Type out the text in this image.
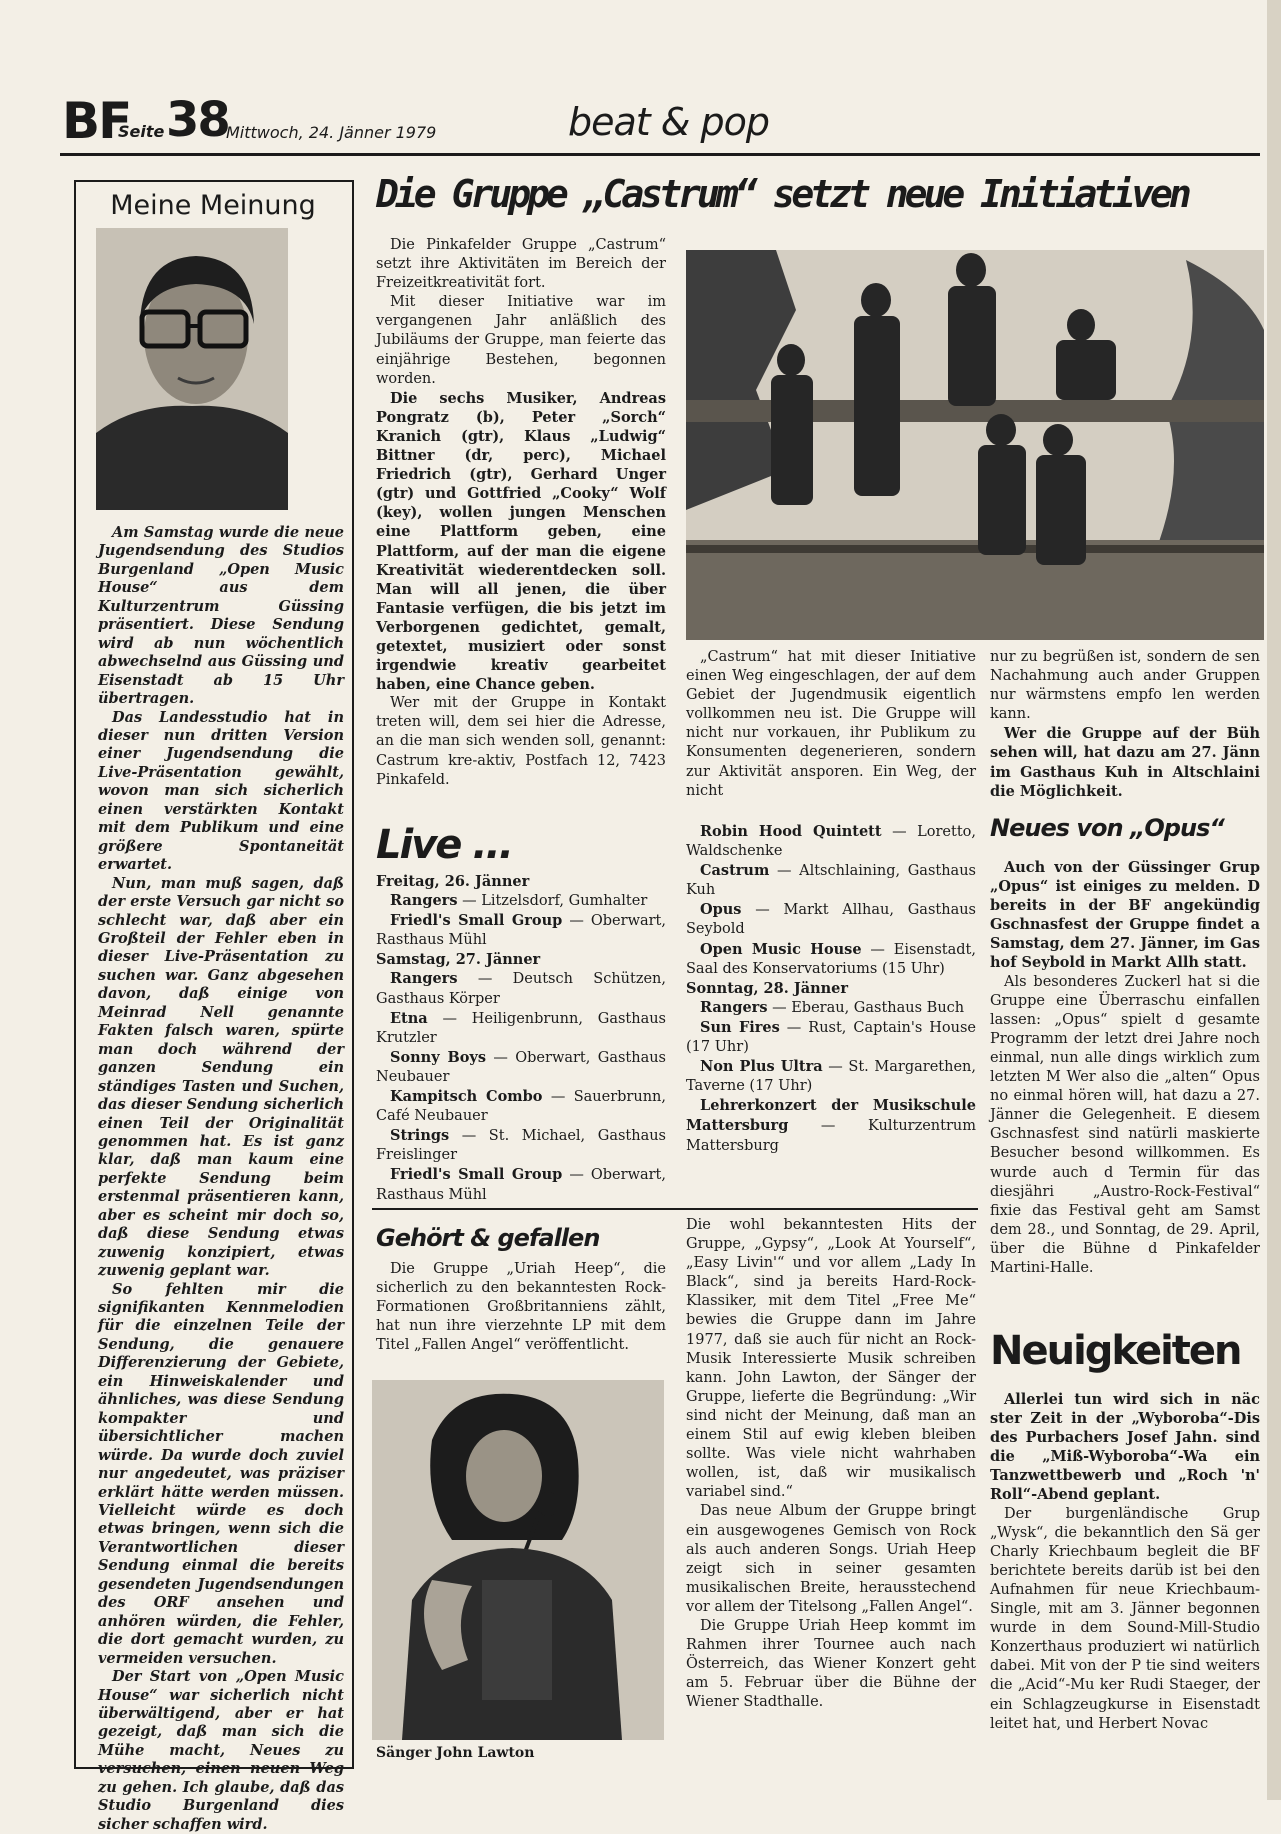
BF
Seite 38
Mittwoch, 24. Jänner 1979	beat & pop
Meine Meinung

Am Samstag wurde die neue Jugendsendung des Studios Burgenland „Open Music House“ aus dem Kulturzentrum Güssing präsentiert. Diese Sendung wird ab nun wöchentlich abwechselnd aus Güssing und Eisenstadt ab 15 Uhr übertragen.

Das Landesstudio hat in dieser nun dritten Version einer Jugendsendung die Live-Präsentation gewählt, wovon man sich sicherlich einen verstärkten Kontakt mit dem Publikum und eine größere Spontaneität erwartet.

Nun, man muß sagen, daß der erste Versuch gar nicht so schlecht war, daß aber ein Großteil der Fehler eben in dieser Live-Präsentation zu suchen war. Ganz abgesehen davon, daß einige von Meinrad Nell genannte Fakten falsch waren, spürte man doch während der ganzen Sendung ein ständiges Tasten und Suchen, das dieser Sendung sicherlich einen Teil der Originalität genommen hat. Es ist ganz klar, daß man kaum eine perfekte Sendung beim erstenmal präsentieren kann, aber es scheint mir doch so, daß diese Sendung etwas zuwenig konzipiert, etwas zuwenig geplant war.

So fehlten mir die signifikanten Kennmelodien für die einzelnen Teile der Sendung, die genauere Differenzierung der Gebiete, ein Hinweiskalender und ähnliches, was diese Sendung kompakter und übersichtlicher machen würde. Da wurde doch zuviel nur angedeutet, was präziser erklärt hätte werden müssen. Vielleicht würde es doch etwas bringen, wenn sich die Verantwortlichen dieser Sendung einmal die bereits gesendeten Jugendsendungen des ORF ansehen und anhören würden, die Fehler, die dort gemacht wurden, zu vermeiden versuchen.

Der Start von „Open Music House“ war sicherlich nicht überwältigend, aber er hat gezeigt, daß man sich die Mühe macht, Neues zu versuchen, einen neuen Weg zu gehen. Ich glaube, daß das Studio Burgenland dies sicher schaffen wird.

Die Gruppe „Castrum“ setzt neue Initiativen

Die Pinkafelder Gruppe „Castrum“ setzt ihre Aktivitäten im Bereich der Freizeitkreativität fort.

Mit dieser Initiative war im vergangenen Jahr anläßlich des Jubiläums der Gruppe, man feierte das einjährige Bestehen, begonnen worden.

Die sechs Musiker, Andreas Pongratz (b), Peter „Sorch“ Kranich (gtr), Klaus „Ludwig“ Bittner (dr, perc), Michael Friedrich (gtr), Gerhard Unger (gtr) und Gottfried „Cooky“ Wolf (key), wollen jungen Menschen eine Plattform geben, eine Plattform, auf der man die eigene Kreativität wiederentdecken soll. Man will all jenen, die über Fantasie verfügen, die bis jetzt im Verborgenen gedichtet, gemalt, getextet, musiziert oder sonst irgendwie kreativ gearbeitet haben, eine Chance geben.

Wer mit der Gruppe in Kontakt treten will, dem sei hier die Adresse, an die man sich wenden soll, genannt: Castrum kre-aktiv, Postfach 12, 7423 Pinkafeld.

„Castrum“ hat mit dieser Initiative einen Weg eingeschlagen, der auf dem Gebiet der Jugendmusik eigentlich vollkommen neu ist. Die Gruppe will nicht nur vorkauen, ihr Publikum zu Konsumenten degenerieren, sondern zur Aktivität ansporen. Ein Weg, der nicht

nur zu begrüßen ist, sondern de sen Nachahmung auch ander Gruppen nur wärmstens empfo len werden kann.

Wer die Gruppe auf der Büh sehen will, hat dazu am 27. Jänn im Gasthaus Kuh in Altschlaini die Möglichkeit.

Live ...

Freitag, 26. Jänner

Rangers — Litzelsdorf, Gumhalter

Friedl's Small Group — Oberwart, Rasthaus Mühl

Samstag, 27. Jänner

Rangers — Deutsch Schützen, Gasthaus Körper

Etna — Heiligenbrunn, Gasthaus Krutzler

Sonny Boys — Oberwart, Gasthaus Neubauer

Kampitsch Combo — Sauerbrunn, Café Neubauer

Strings — St. Michael, Gasthaus Freislinger

Friedl's Small Group — Oberwart, Rasthaus Mühl

Robin Hood Quintett — Loretto, Waldschenke

Castrum — Altschlaining, Gasthaus Kuh

Opus — Markt Allhau, Gasthaus Seybold

Open Music House — Eisenstadt, Saal des Konservatoriums (15 Uhr)

Sonntag, 28. Jänner

Rangers — Eberau, Gasthaus Buch

Sun Fires — Rust, Captain's House (17 Uhr)

Non Plus Ultra — St. Margarethen, Taverne (17 Uhr)

Lehrerkonzert der Musikschule Mattersburg — Kulturzentrum Mattersburg

Neues von „Opus“

Auch von der Güssinger Grup „Opus“ ist einiges zu melden. D bereits in der BF angekündig Gschnasfest der Gruppe findet a Samstag, dem 27. Jänner, im Gas hof Seybold in Markt Allh statt.

Als besonderes Zuckerl hat si die Gruppe eine Überraschu einfallen lassen: „Opus“ spielt d gesamte Programm der letzt drei Jahre noch einmal, nun alle dings wirklich zum letzten M Wer also die „alten“ Opus no einmal hören will, hat dazu a 27. Jänner die Gelegenheit. E diesem Gschnasfest sind natürli maskierte Besucher besond willkommen. Es wurde auch d Termin für das diesjähri „Austro-Rock-Festival“ fixie das Festival geht am Samst dem 28., und Sonntag, de 29. April, über die Bühne d Pinkafelder Martini-Halle.

Gehört & gefallen

Die Gruppe „Uriah Heep“, die sicherlich zu den bekanntesten Rock-Formationen Großbritanniens zählt, hat nun ihre vierzehnte LP mit dem Titel „Fallen Angel“ veröffentlicht.

Sänger John Lawton

Die wohl bekanntesten Hits der Gruppe, „Gypsy“, „Look At Yourself“, „Easy Livin'“ und vor allem „Lady In Black“, sind ja bereits Hard-Rock-Klassiker, mit dem Titel „Free Me“ bewies die Gruppe dann im Jahre 1977, daß sie auch für nicht an Rock-Musik Interessierte Musik schreiben kann. John Lawton, der Sänger der Gruppe, lieferte die Begründung: „Wir sind nicht der Meinung, daß man an einem Stil auf ewig kleben bleiben sollte. Was viele nicht wahrhaben wollen, ist, daß wir musikalisch variabel sind.“

Das neue Album der Gruppe bringt ein ausgewogenes Gemisch von Rock als auch anderen Songs. Uriah Heep zeigt sich in seiner gesamten musikalischen Breite, herausstechend vor allem der Titelsong „Fallen Angel“.

Die Gruppe Uriah Heep kommt im Rahmen ihrer Tournee auch nach Österreich, das Wiener Konzert geht am 5. Februar über die Bühne der Wiener Stadthalle.

Neuigkeiten

Allerlei tun wird sich in näc ster Zeit in der „Wyboroba“-Dis des Purbachers Josef Jahn. sind die „Miß-Wyboroba“-Wa ein Tanzwettbewerb und „Roch 'n' Roll“-Abend geplant.

Der burgenländische Grup „Wysk“, die bekanntlich den Sä ger Charly Kriechbaum begleit die BF berichtete bereits darüb ist bei den Aufnahmen für neue Kriechbaum-Single, mit am 3. Jänner begonnen wurde in dem Sound-Mill-Studio Konzerthaus produziert wi natürlich dabei. Mit von der P tie sind weiters die „Acid“-Mu ker Rudi Staeger, der ein Schlagzeugkurse in Eisenstadt leitet hat, und Herbert Novac
